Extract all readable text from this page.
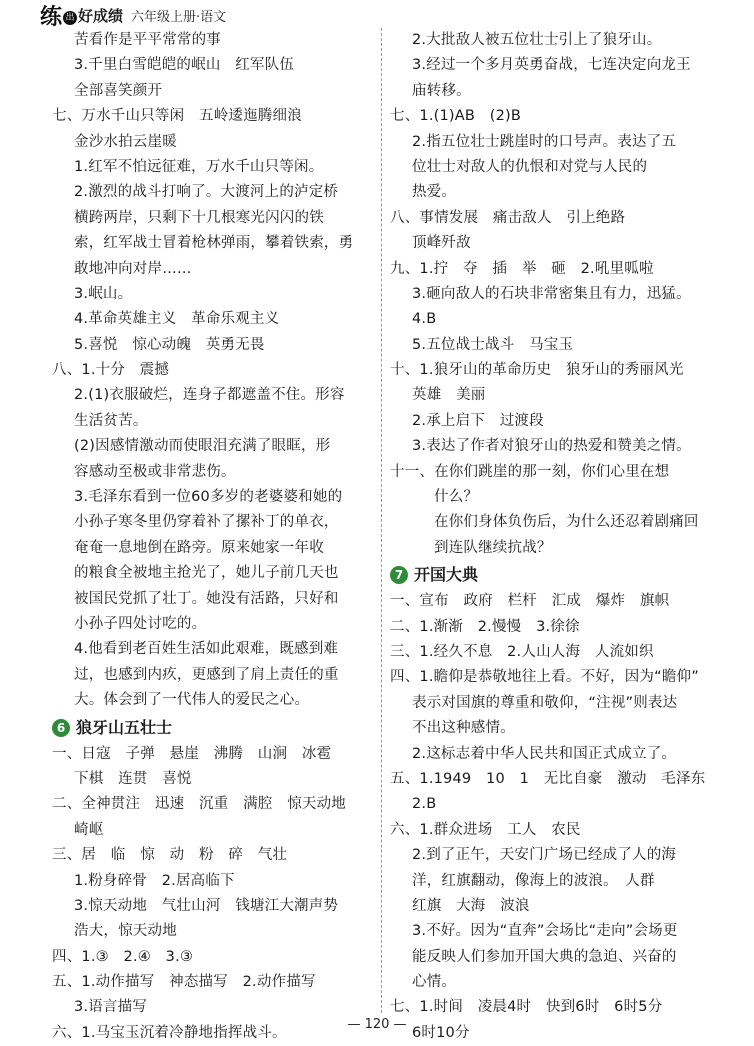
练 出 好成绩 六年级上册·语文
苦看作是平平常常的事
3.千里白雪皑皑的岷山　红军队伍
全部喜笑颜开
七、万水千山只等闲　五岭逶迤腾细浪
金沙水拍云崖暖
1.红军不怕远征难，万水千山只等闲。
2.激烈的战斗打响了。大渡河上的泸定桥
横跨两岸，只剩下十几根寒光闪闪的铁
索，红军战士冒着枪林弹雨，攀着铁索，勇
敢地冲向对岸……
3.岷山。
4.革命英雄主义　革命乐观主义
5.喜悦　惊心动魄　英勇无畏
八、1.十分　震撼
2.(1)衣服破烂，连身子都遮盖不住。形容
生活贫苦。
(2)因感情激动而使眼泪充满了眼眶，形
容感动至极或非常悲伤。
3.毛泽东看到一位60多岁的老婆婆和她的
小孙子寒冬里仍穿着补了摞补丁的单衣，
奄奄一息地倒在路旁。原来她家一年收
的粮食全被地主抢光了，她儿子前几天也
被国民党抓了壮丁。她没有活路，只好和
小孙子四处讨吃的。
4.他看到老百姓生活如此艰难，既感到难
过，也感到内疚，更感到了肩上责任的重
大。体会到了一代伟人的爱民之心。
6 狼牙山五壮士
一、日寇　子弹　悬崖　沸腾　山涧　冰雹
下棋　连贯　喜悦
二、全神贯注　迅速　沉重　满腔　惊天动地
崎岖
三、居　临　惊　动　粉　碎　气壮
1.粉身碎骨　2.居高临下
3.惊天动地　气壮山河　钱塘江大潮声势
浩大，惊天动地
四、1.③　2.④　3.③
五、1.动作描写　神态描写　2.动作描写
3.语言描写
六、1.马宝玉沉着冷静地指挥战斗。
2.大批敌人被五位壮士引上了狼牙山。
3.经过一个多月英勇奋战，七连决定向龙王
庙转移。
七、1.(1)AB　(2)B
2.指五位壮士跳崖时的口号声。表达了五
位壮士对敌人的仇恨和对党与人民的
热爱。
八、事情发展　痛击敌人　引上绝路
顶峰歼敌
九、1.拧　夺　插　举　砸　2.吼里呱啦
3.砸向敌人的石块非常密集且有力，迅猛。
4.B
5.五位战士战斗　马宝玉
十、1.狼牙山的革命历史　狼牙山的秀丽风光
英雄　美丽
2.承上启下　过渡段
3.表达了作者对狼牙山的热爱和赞美之情。
十一、在你们跳崖的那一刻，你们心里在想
什么？
在你们身体负伤后，为什么还忍着剧痛回
到连队继续抗战？
7 开国大典
一、宣布　政府　栏杆　汇成　爆炸　旗帜
二、1.渐渐　2.慢慢　3.徐徐
三、1.经久不息　2.人山人海　人流如织
四、1.瞻仰是恭敬地往上看。不好，因为“瞻仰”
表示对国旗的尊重和敬仰，“注视”则表达
不出这种感情。
2.这标志着中华人民共和国正式成立了。
五、1.1949　10　1　无比自豪　激动　毛泽东
2.B
六、1.群众进场　工人　农民
2.到了正午，天安门广场已经成了人的海
洋，红旗翻动，像海上的波浪。　人群
红旗　大海　波浪
3.不好。因为“直奔”会场比“走向”会场更
能反映人们参加开国大典的急迫、兴奋的
心情。
七、1.时间　凌晨4时　快到6时　6时5分
6时10分
— 120 —
